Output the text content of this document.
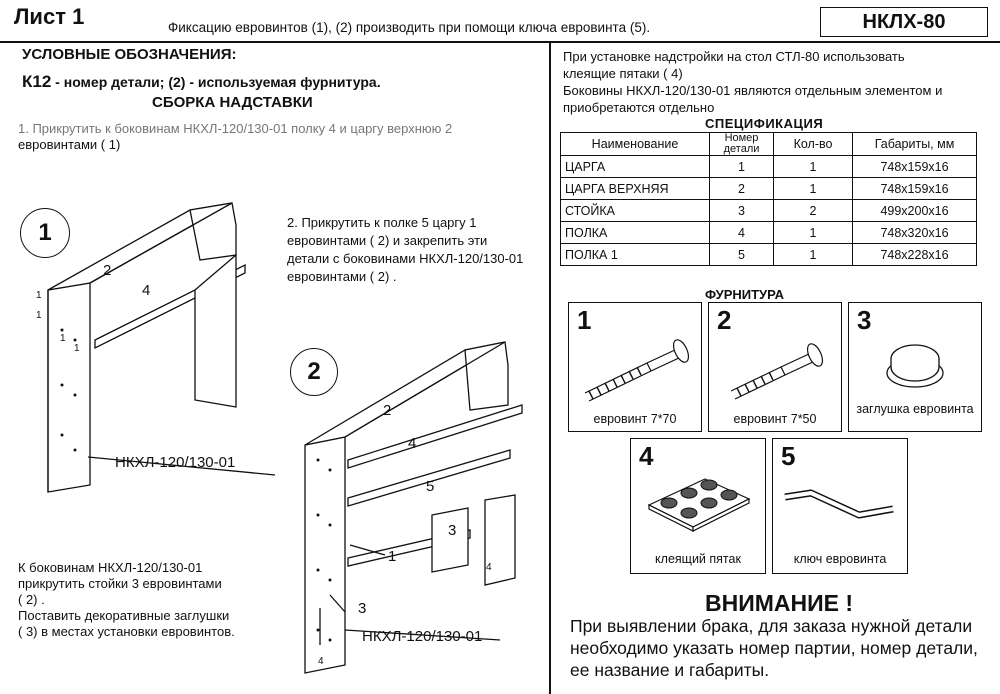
Лист 1	Фиксацию евровинтов (1), (2) производить при помощи ключа евровинта (5).	НКЛХ-80
УСЛОВНЫЕ ОБОЗНАЧЕНИЯ:
К12 - номер детали; (2) - используемая фурнитура.
СБОРКА НАДСТАВКИ
1. Прикрутить к боковинам НКХЛ-120/130-01 полку 4 и царгу верхнюю 2
евровинтами ( 1)
2. Прикрутить к полке 5 царгу 1 евровинтами ( 2) и закрепить эти детали с боковинами НКХЛ-120/130-01 евровинтами ( 2) .
К боковинам НКХЛ-120/130-01 прикрутить стойки 3 евровинтами
( 2) .
Поставить декоративные заглушки
( 3) в местах установки евровинтов.
1
2
4
1
1
1
1
НКХЛ-120/130-01
2
2
4
5
3
1
3
4
4
НКХЛ-120/130-01
При установке надстройки на стол СТЛ-80 использовать
клеящие пятаки ( 4)
Боковины НКХЛ-120/130-01 являются отдельным элементом и
приобретаются отдельно
СПЕЦИФИКАЦИЯ
Наименование	Номер детали	Кол-во	Габариты, мм
ЦАРГА	1	1	748х159х16
ЦАРГА ВЕРХНЯЯ	2	1	748х159х16
СТОЙКА	3	2	499х200х16
ПОЛКА	4	1	748х320х16
ПОЛКА 1	5	1	748х228х16
ФУРНИТУРА
1
евровинт 7*70
2
евровинт 7*50
3
заглушка евровинта
4
клеящий пятак
5
ключ евровинта
ВНИМАНИЕ !
При выявлении брака, для заказа нужной детали необходимо указать номер партии, номер детали, ее название и габариты.
